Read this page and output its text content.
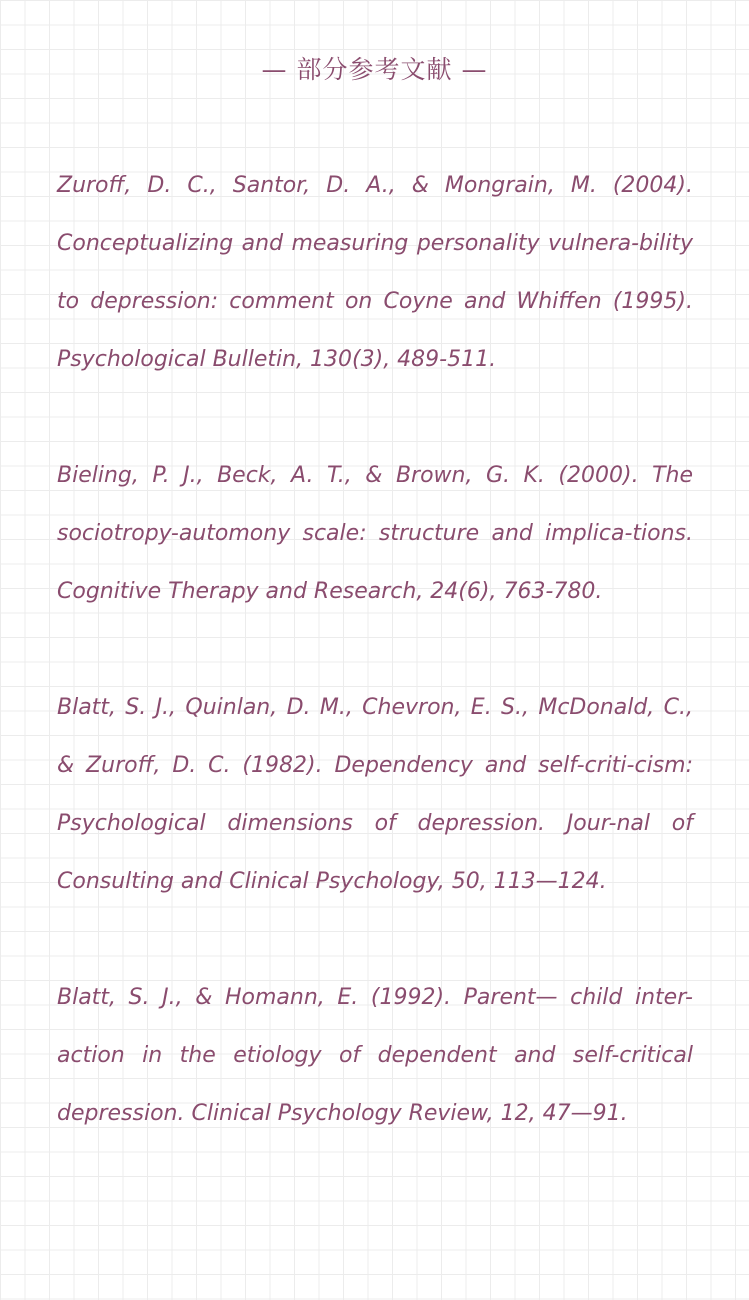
— 部分参考文献 —

Zuroff, D. C., Santor, D. A., & Mongrain, M. (2004). Conceptualizing and measuring personality vulnera-bility to depression: comment on Coyne and Whiffen (1995). Psychological Bulletin, 130(3), 489-511.

Bieling, P. J., Beck, A. T., & Brown, G. K. (2000). The sociotropy-automony scale: structure and implica-tions. Cognitive Therapy and Research, 24(6), 763-780.

Blatt, S. J., Quinlan, D. M., Chevron, E. S., McDonald, C., & Zuroff, D. C. (1982). Dependency and self-criti-cism: Psychological dimensions of depression. Jour-nal of Consulting and Clinical Psychology, 50, 113—124.

Blatt, S. J., & Homann, E. (1992). Parent— child inter-action in the etiology of dependent and self-critical depression. Clinical Psychology Review, 12, 47—91.
